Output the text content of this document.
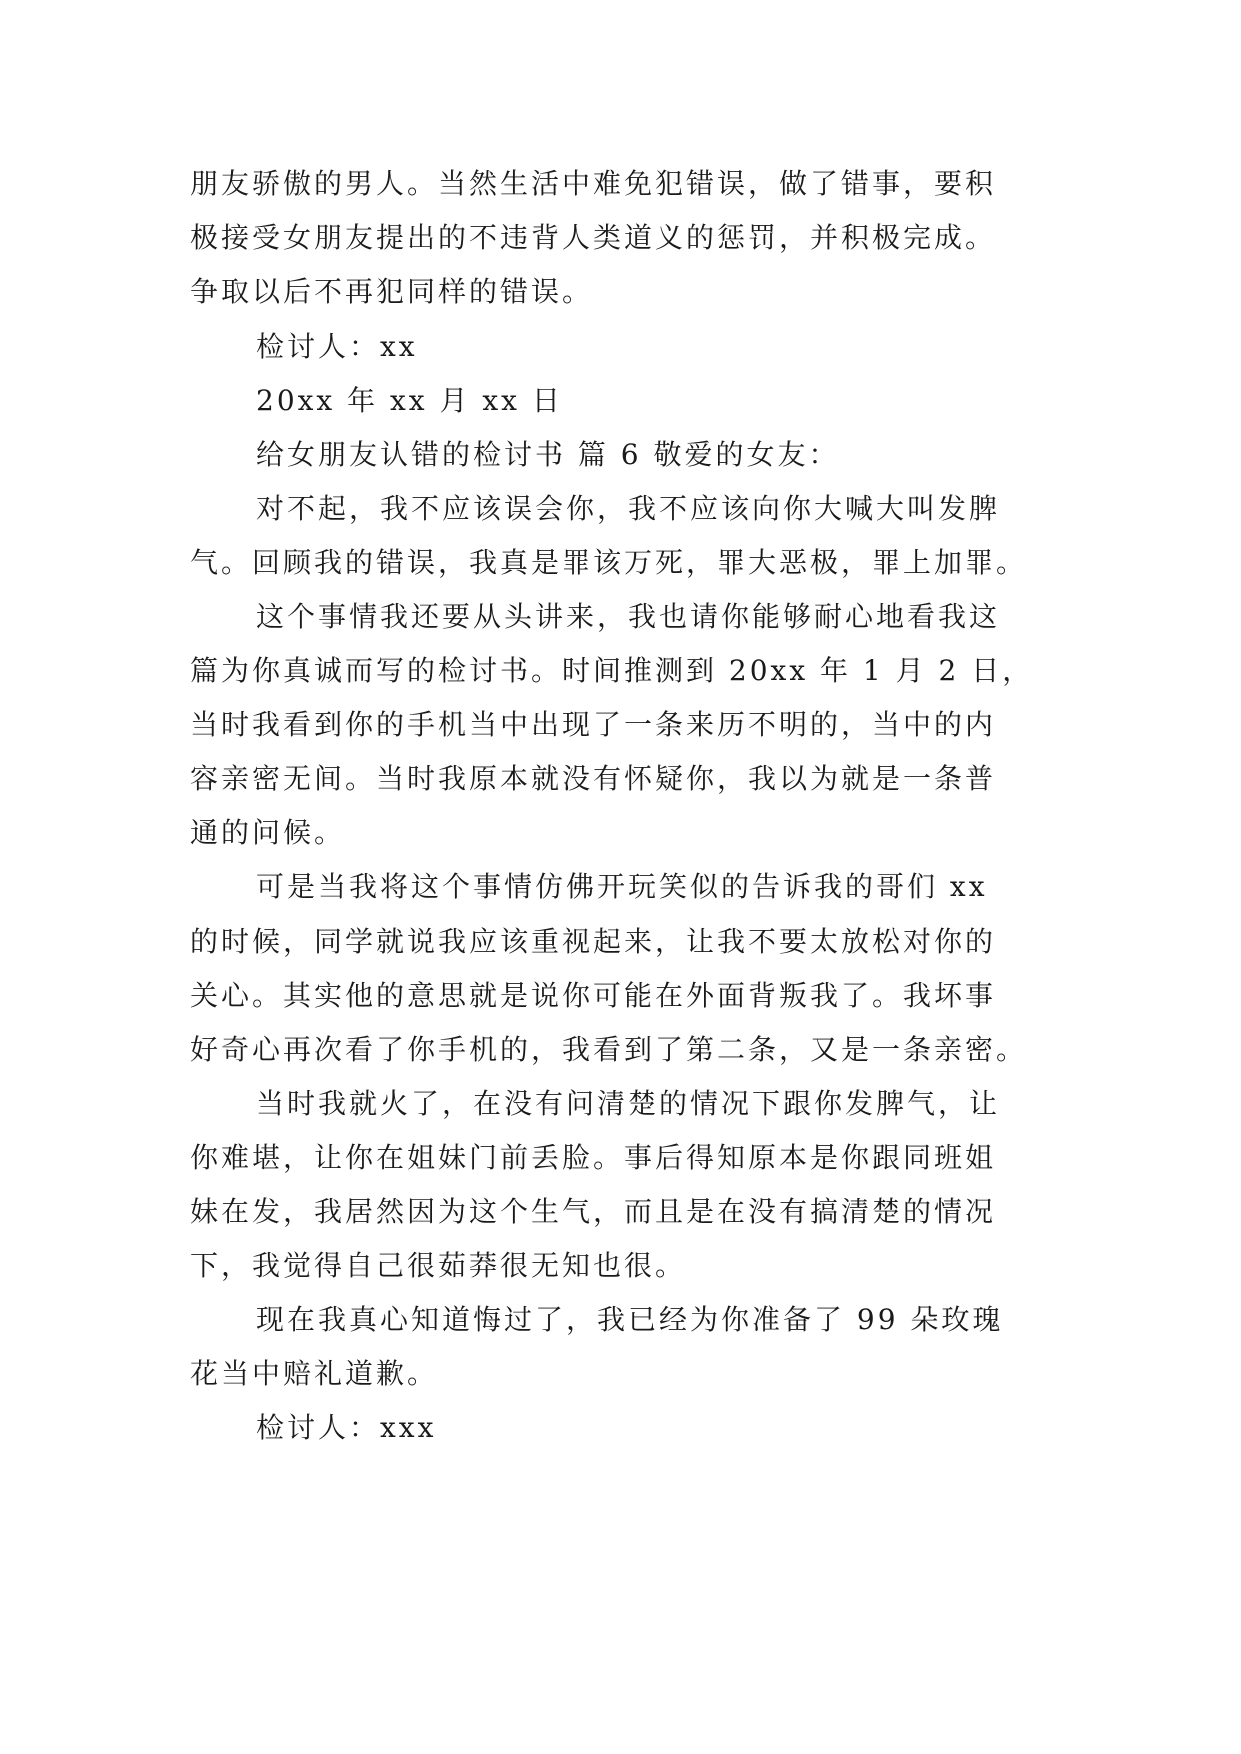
朋友骄傲的男人。当然生活中难免犯错误，做了错事，要积
极接受女朋友提出的不违背人类道义的惩罚，并积极完成。
争取以后不再犯同样的错误。
检讨人：xx
20xx 年 xx 月 xx 日
给女朋友认错的检讨书 篇 6 敬爱的女友：
对不起，我不应该误会你，我不应该向你大喊大叫发脾
气。回顾我的错误，我真是罪该万死，罪大恶极，罪上加罪。
这个事情我还要从头讲来，我也请你能够耐心地看我这
篇为你真诚而写的检讨书。时间推测到 20xx 年 1 月 2 日，
当时我看到你的手机当中出现了一条来历不明的，当中的内
容亲密无间。当时我原本就没有怀疑你，我以为就是一条普
通的问候。
可是当我将这个事情仿佛开玩笑似的告诉我的哥们 xx
的时候，同学就说我应该重视起来，让我不要太放松对你的
关心。其实他的意思就是说你可能在外面背叛我了。我坏事
好奇心再次看了你手机的，我看到了第二条，又是一条亲密。
当时我就火了，在没有问清楚的情况下跟你发脾气，让
你难堪，让你在姐妹门前丢脸。事后得知原本是你跟同班姐
妹在发，我居然因为这个生气，而且是在没有搞清楚的情况
下，我觉得自己很茹莽很无知也很。
现在我真心知道悔过了，我已经为你准备了 99 朵玫瑰
花当中赔礼道歉。
检讨人：xxx
